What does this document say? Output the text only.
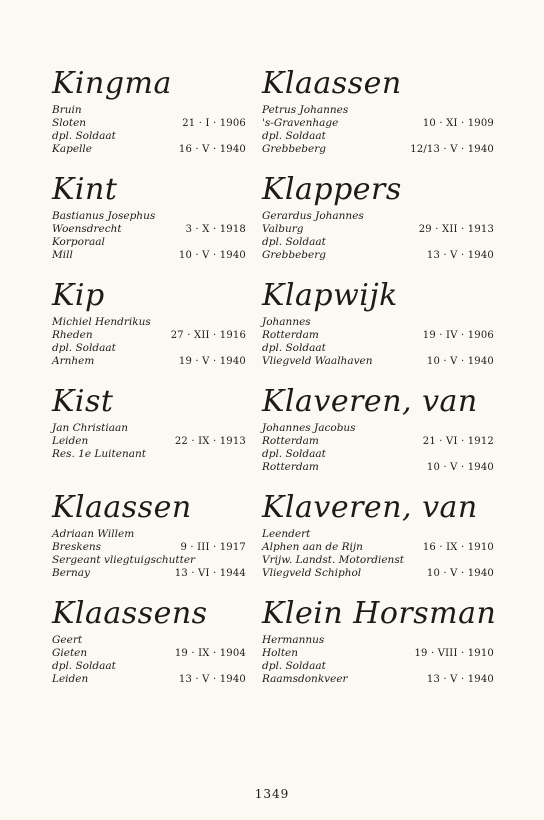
Kingma
Bruin
Sloten	21 · I · 1906
dpl. Soldaat
Kapelle	16 · V · 1940
Kint
Bastianus Josephus
Woensdrecht	3 · X · 1918
Korporaal
Mill	10 · V · 1940
Kip
Michiel Hendrikus
Rheden	27 · XII · 1916
dpl. Soldaat
Arnhem	19 · V · 1940
Kist
Jan Christiaan
Leiden	22 · IX · 1913
Res. 1e Luitenant
Klaassen
Adriaan Willem
Breskens	9 · III · 1917
Sergeant vliegtuigschutter
Bernay	13 · VI · 1944
Klaassens
Geert
Gieten	19 · IX · 1904
dpl. Soldaat
Leiden	13 · V · 1940
Klaassen
Petrus Johannes
's-Gravenhage	10 · XI · 1909
dpl. Soldaat
Grebbeberg	12/13 · V · 1940
Klappers
Gerardus Johannes
Valburg	29 · XII · 1913
dpl. Soldaat
Grebbeberg	13 · V · 1940
Klapwijk
Johannes
Rotterdam	19 · IV · 1906
dpl. Soldaat
Vliegveld Waalhaven	10 · V · 1940
Klaveren, van
Johannes Jacobus
Rotterdam	21 · VI · 1912
dpl. Soldaat
Rotterdam	10 · V · 1940
Klaveren, van
Leendert
Alphen aan de Rijn	16 · IX · 1910
Vrijw. Landst. Motordienst
Vliegveld Schiphol	10 · V · 1940
Klein Horsman
Hermannus
Holten	19 · VIII · 1910
dpl. Soldaat
Raamsdonkveer	13 · V · 1940
1349
